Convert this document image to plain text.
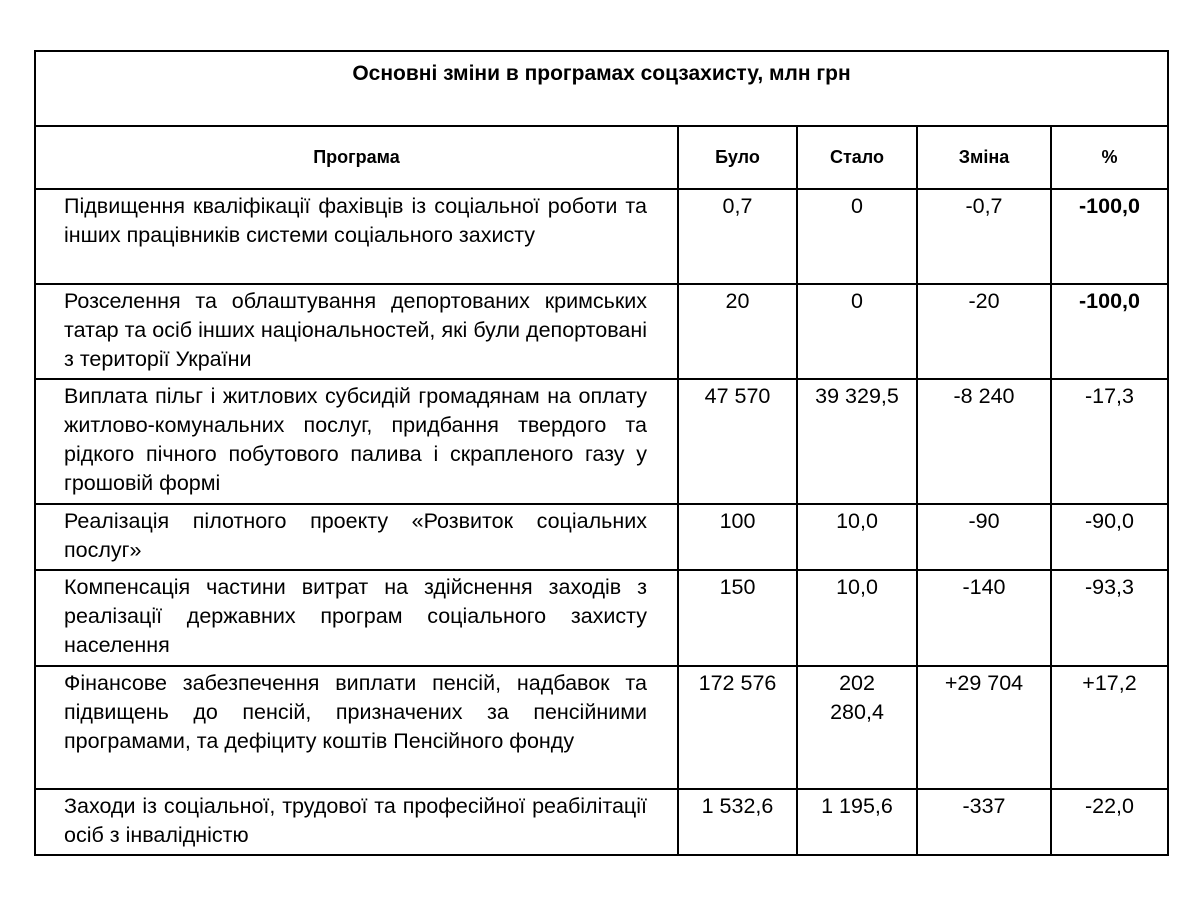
Основні зміни в програмах соцзахисту, млн грн				
Програма	Було	Стало	Зміна	%
Підвищення кваліфікації фахівців із соціальної роботи та інших працівників системи соціального захисту	0,7	0	-0,7	-100,0
Розселення та облаштування депортованих кримських татар та осіб інших національностей, які були депортовані з території України	20	0	-20	-100,0
Виплата пільг і житлових субсидій громадянам на оплату житлово-комунальних послуг, придбання твердого та рідкого пічного побутового палива і скрапленого газу у грошовій формі	47 570	39 329,5	-8 240	-17,3
Реалізація пілотного проекту «Розвиток соціальних послуг»	100	10,0	-90	-90,0
Компенсація частини витрат на здійснення заходів з реалізації державних програм соціального захисту населення	150	10,0	-140	-93,3
Фінансове забезпечення виплати пенсій, надбавок та підвищень до пенсій, призначених за пенсійними програмами, та дефіциту коштів Пенсійного фонду	172 576	202 280,4	+29 704	+17,2
Заходи із соціальної, трудової та професійної реабілітації осіб з інвалідністю	1 532,6	1 195,6	-337	-22,0
